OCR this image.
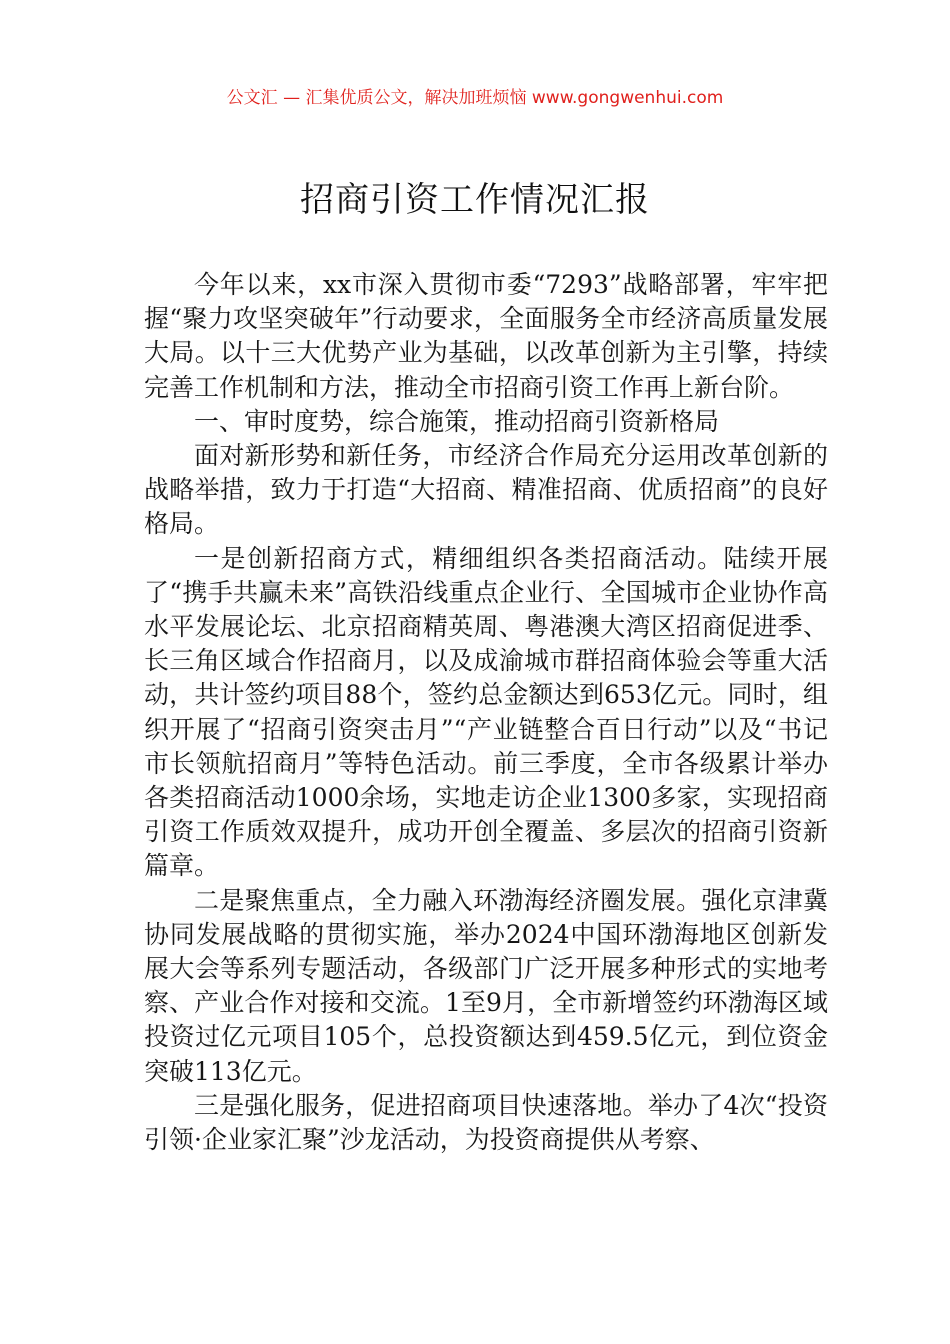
公文汇 — 汇集优质公文，解决加班烦恼 www.gongwenhui.com
招商引资工作情况汇报

今年以来，xx市深入贯彻市委“7293”战略部署，牢牢把握“聚力攻坚突破年”行动要求，全面服务全市经济高质量发展大局。以十三大优势产业为基础，以改革创新为主引擎，持续完善工作机制和方法，推动全市招商引资工作再上新台阶。

一、审时度势，综合施策，推动招商引资新格局

面对新形势和新任务，市经济合作局充分运用改革创新的战略举措，致力于打造“大招商、精准招商、优质招商”的良好格局。

一是创新招商方式，精细组织各类招商活动。陆续开展了“携手共赢未来”高铁沿线重点企业行、全国城市企业协作高水平发展论坛、北京招商精英周、粤港澳大湾区招商促进季、长三角区域合作招商月，以及成渝城市群招商体验会等重大活动，共计签约项目88个，签约总金额达到653亿元。同时，组织开展了“招商引资突击月”“产业链整合百日行动”以及“书记市长领航招商月”等特色活动。前三季度，全市各级累计举办各类招商活动1000余场，实地走访企业1300多家，实现招商引资工作质效双提升，成功开创全覆盖、多层次的招商引资新篇章。

二是聚焦重点，全力融入环渤海经济圈发展。强化京津冀协同发展战略的贯彻实施，举办2024中国环渤海地区创新发展大会等系列专题活动，各级部门广泛开展多种形式的实地考察、产业合作对接和交流。1至9月，全市新增签约环渤海区域投资过亿元项目105个，总投资额达到459.5亿元，到位资金突破113亿元。

三是强化服务，促进招商项目快速落地。举办了4次“投资引领·企业家汇聚”沙龙活动，为投资商提供从考察、
